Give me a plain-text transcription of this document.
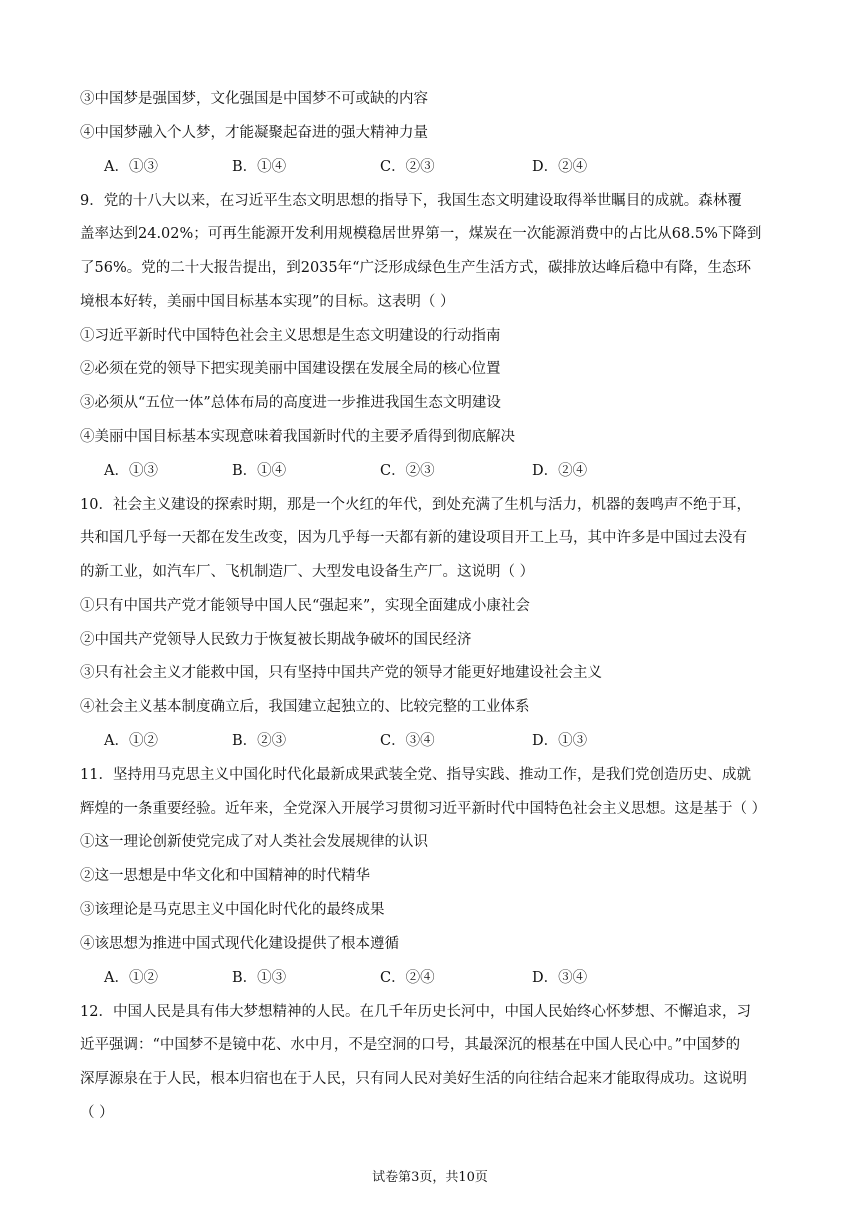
③中国梦是强国梦，文化强国是中国梦不可或缺的内容
④中国梦融入个人梦，才能凝聚起奋进的强大精神力量
A．①③	B．①④	C．②③	D．②④
9．党的十八大以来，在习近平生态文明思想的指导下，我国生态文明建设取得举世瞩目的成就。森林覆
盖率达到24.02%；可再生能源开发利用规模稳居世界第一，煤炭在一次能源消费中的占比从68.5%下降到
了56%。党的二十大报告提出，到2035年“广泛形成绿色生产生活方式，碳排放达峰后稳中有降，生态环
境根本好转，美丽中国目标基本实现”的目标。这表明（ ）
①习近平新时代中国特色社会主义思想是生态文明建设的行动指南
②必须在党的领导下把实现美丽中国建设摆在发展全局的核心位置
③必须从“五位一体”总体布局的高度进一步推进我国生态文明建设
④美丽中国目标基本实现意味着我国新时代的主要矛盾得到彻底解决
A．①③	B．①④	C．②③	D．②④
10．社会主义建设的探索时期，那是一个火红的年代，到处充满了生机与活力，机器的轰鸣声不绝于耳，
共和国几乎每一天都在发生改变，因为几乎每一天都有新的建设项目开工上马，其中许多是中国过去没有
的新工业，如汽车厂、飞机制造厂、大型发电设备生产厂。这说明（ ）
①只有中国共产党才能领导中国人民“强起来”，实现全面建成小康社会
②中国共产党领导人民致力于恢复被长期战争破坏的国民经济
③只有社会主义才能救中国，只有坚持中国共产党的领导才能更好地建设社会主义
④社会主义基本制度确立后，我国建立起独立的、比较完整的工业体系
A．①②	B．②③	C．③④	D．①③
11．坚持用马克思主义中国化时代化最新成果武装全党、指导实践、推动工作，是我们党创造历史、成就
辉煌的一条重要经验。近年来，全党深入开展学习贯彻习近平新时代中国特色社会主义思想。这是基于（ ）
①这一理论创新使党完成了对人类社会发展规律的认识
②这一思想是中华文化和中国精神的时代精华
③该理论是马克思主义中国化时代化的最终成果
④该思想为推进中国式现代化建设提供了根本遵循
A．①②	B．①③	C．②④	D．③④
12．中国人民是具有伟大梦想精神的人民。在几千年历史长河中，中国人民始终心怀梦想、不懈追求，习
近平强调：“中国梦不是镜中花、水中月，不是空洞的口号，其最深沉的根基在中国人民心中。”中国梦的
深厚源泉在于人民，根本归宿也在于人民，只有同人民对美好生活的向往结合起来才能取得成功。这说明
（ ）
试卷第3页，共10页
